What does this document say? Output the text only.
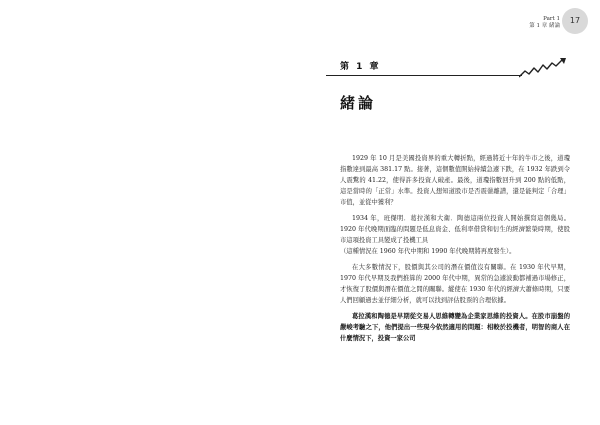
Part 1
第 1 章 緒論
17
第 1 章
緒論

1929 年 10 月是美國投資界的重大轉折點，經過將近十年的牛市之後，道瓊指數達到最高 381.17 點。接著，這個數值開始持續急遽下跌，在 1932 年跌到令人震驚的 41.22，使得許多投資人破產。最後，道瓊指數回升到 200 點的低點，這是當時的「正常」水準。投資人想知道股市是否震盪離譜，還是能判定「合理」市值，並從中獲利？

1934 年，班傑明．葛拉漢和大衛．陶德這兩位投資人開始撰寫這個幾局。1920 年代晚期面臨的問題是低息資金、低利率借貸和衍生的經濟繁榮時期，使股市這項投資工具變成了投機工具

（這種情況在 1960 年代中期和 1990 年代晚期將再度發生）。

在大多數情況下，股價與其公司的潛在價值沒有關聯。在 1930 年代早期，1970 年代早期及我們推算的 2000 年代中期，異常的急遽波動都補過市場修正，才恢復了股價與潛在價值之間的關聯。縱使在 1930 年代的經濟大蕭條時期，只要人們回顧過去並仔細分析，就可以找到評估股票的合理依據。

葛拉漢和陶德是早期從交易人思維轉變為企業家思維的投資人。在股市崩盤的嚴峻考驗之下，他們提出一些現今依然適用的問題：相較於投機者，明智的商人在什麼情況下，投資一家公司
